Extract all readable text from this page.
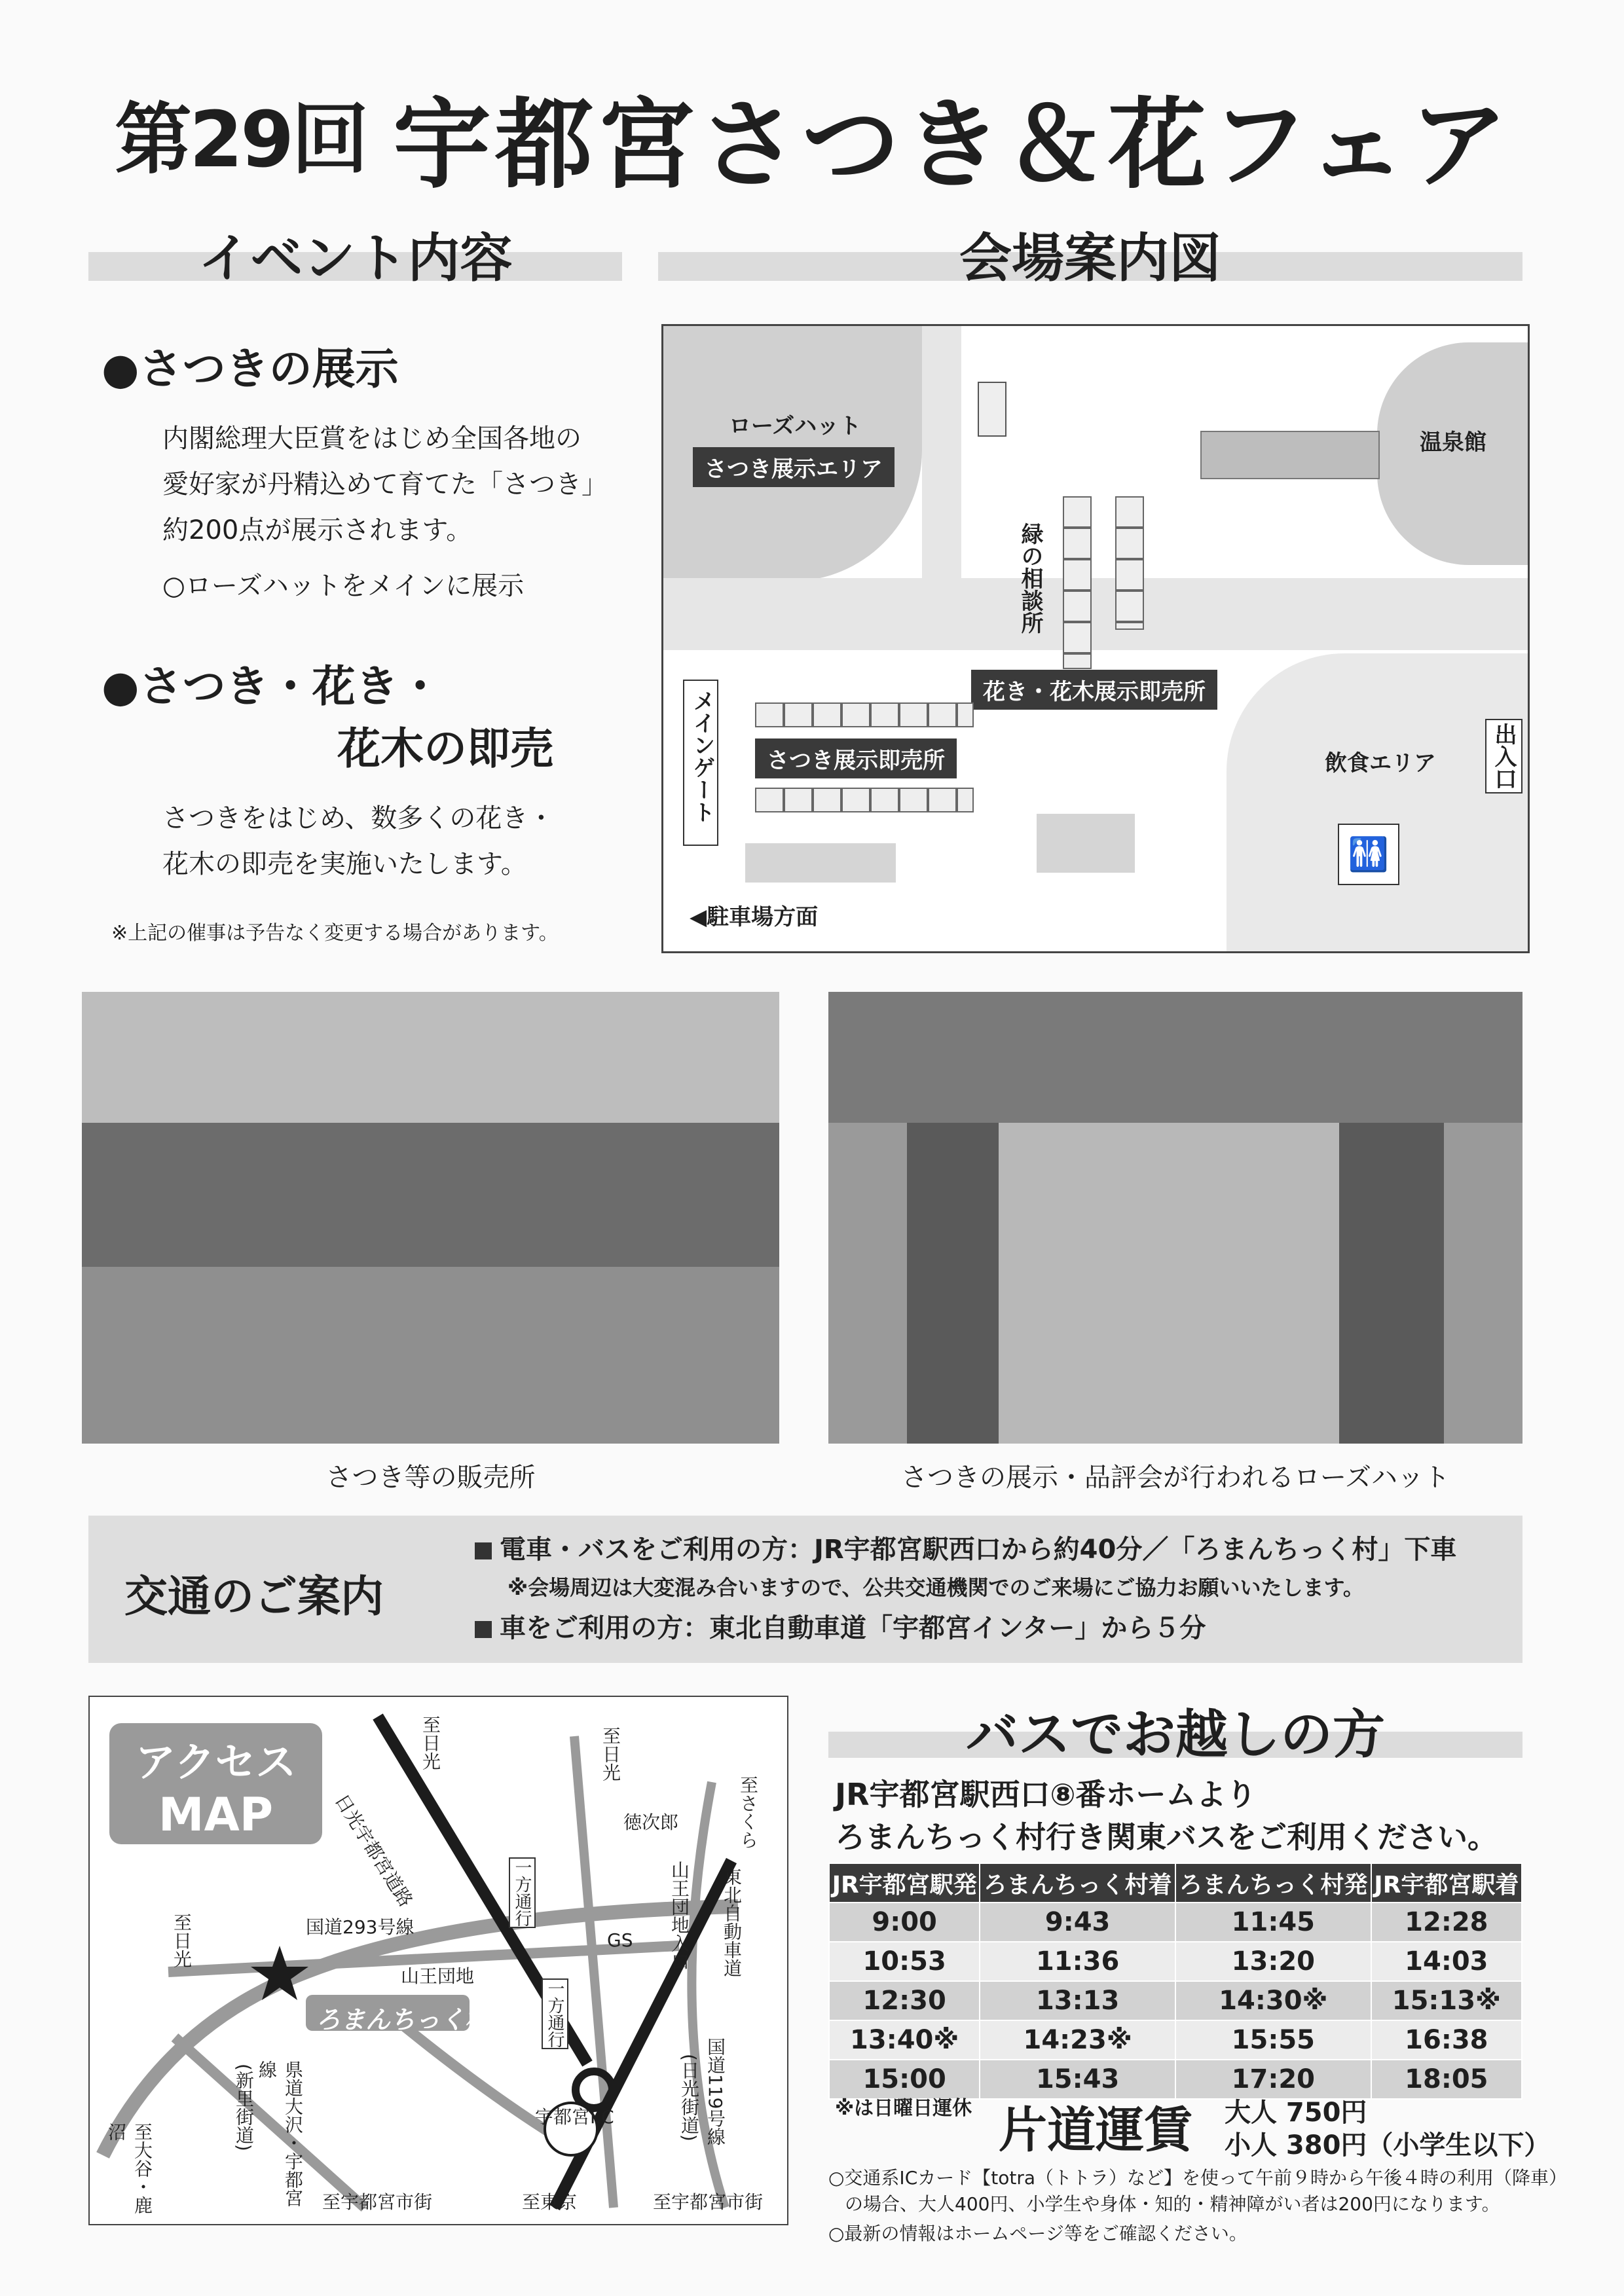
第29回 宇都宮さつき＆花フェア
イベント内容
●さつきの展示
内閣総理大臣賞をはじめ全国各地の
愛好家が丹精込めて育てた「さつき」
約200点が展示されます。
○ローズハットをメインに展示
●さつき・花き・
花木の即売
さつきをはじめ、数多くの花き・
花木の即売を実施いたします。
※上記の催事は予告なく変更する場合があります。
会場案内図
ローズハット
さつき展示エリア
温泉館
緑の相談所
花き・花木展示即売所
メインゲート	さつき展示即売所	飲食エリア 出入口
🚻
◀駐車場方面
さつき等の販売所	さつきの展示・品評会が行われるローズハット
交通のご案内
電車・バスをご利用の方：JR宇都宮駅西口から約40分／「ろまんちっく村」下車
※会場周辺は大変混み合いますので、公共交通機関でのご来場にご協力お願いいたします。
車をご利用の方：東北自動車道「宇都宮インター」から５分
アクセス
MAP
ろまんちっく村
日光宇都宮道路
至日光	至日光
至さくら
徳次郎
至日光	国道293号線
山王団地
山王団地入口
GS
一方通行
一方通行
宇都宮I.C
東北自動車道
国道119号線
(日光街道)
県道大沢・宇都宮線
(新里街道)
至大谷・鹿沼
至宇都宮市街	至東京	至宇都宮市街
バスでお越しの方
JR宇都宮駅西口⑧番ホームより
ろまんちっく村行き関東バスをご利用ください。
JR宇都宮駅発	ろまんちっく村着	ろまんちっく村発	JR宇都宮駅着
9:00	9:43	11:45	12:28
10:53	11:36	13:20	14:03
12:30	13:13	14:30※	15:13※
13:40※	14:23※	15:55	16:38
15:00	15:43	17:20	18:05
※は日曜日運休 片道運賃 大人 750円
小人 380円（小学生以下）
○交通系ICカード【totra（トトラ）など】を使って午前９時から午後４時の利用（降車）
の場合、大人400円、小学生や身体・知的・精神障がい者は200円になります。
○最新の情報はホームページ等をご確認ください。
